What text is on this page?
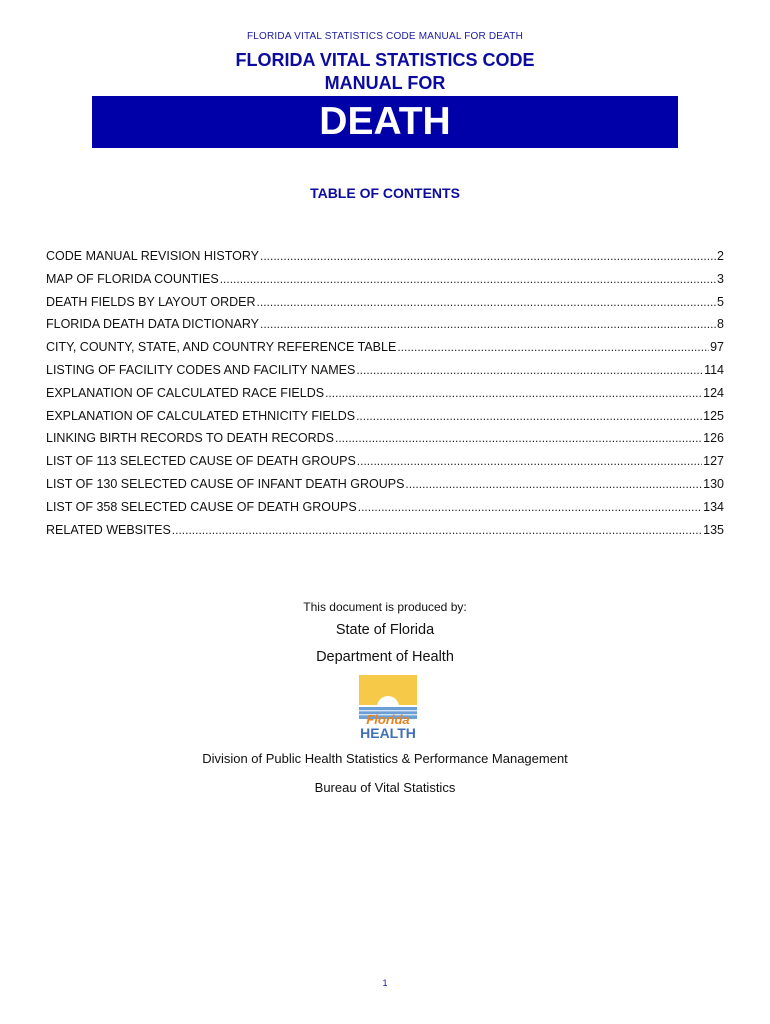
FLORIDA VITAL STATISTICS CODE MANUAL FOR DEATH
FLORIDA VITAL STATISTICS CODE
MANUAL FOR
DEATH
TABLE OF CONTENTS
CODE MANUAL REVISION HISTORY .....	2
MAP OF FLORIDA COUNTIES .....	3
DEATH FIELDS BY LAYOUT ORDER .....	5
FLORIDA DEATH DATA DICTIONARY .....	8
CITY, COUNTY, STATE, AND COUNTRY REFERENCE TABLE .....	97
LISTING OF FACILITY CODES AND FACILITY NAMES .....	114
EXPLANATION OF CALCULATED RACE FIELDS .....	124
EXPLANATION OF CALCULATED ETHNICITY FIELDS .....	125
LINKING BIRTH RECORDS TO DEATH RECORDS .....	126
LIST OF 113 SELECTED CAUSE OF DEATH GROUPS .....	127
LIST OF 130 SELECTED CAUSE OF INFANT DEATH GROUPS .....	130
LIST OF 358 SELECTED CAUSE OF DEATH GROUPS .....	134
RELATED WEBSITES .....	135
This document is produced by:
State of Florida
Department of Health
Florida
HEALTH
Division of Public Health Statistics & Performance Management
Bureau of Vital Statistics
1
